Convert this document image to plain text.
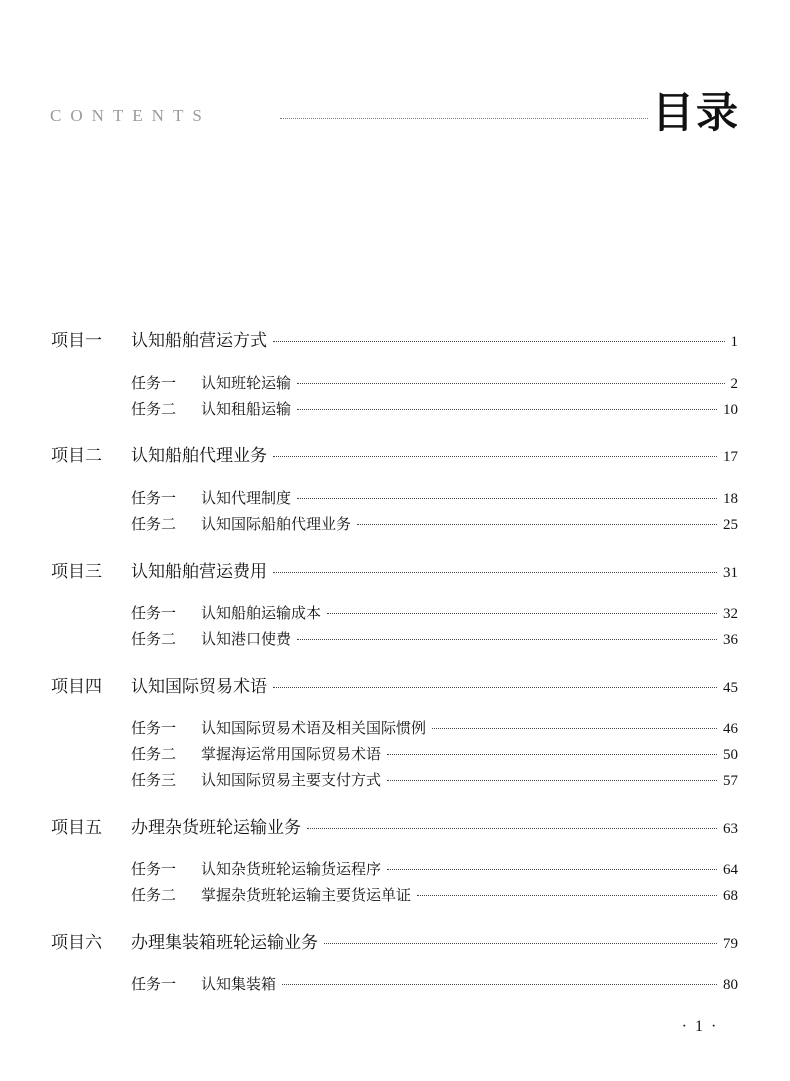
CONTENTS	目录
项目一	认知船舶营运方式	1
任务一	认知班轮运输	2
任务二	认知租船运输	10
项目二	认知船舶代理业务	17
任务一	认知代理制度	18
任务二	认知国际船舶代理业务	25
项目三	认知船舶营运费用	31
任务一	认知船舶运输成本	32
任务二	认知港口使费	36
项目四	认知国际贸易术语	45
任务一	认知国际贸易术语及相关国际惯例	46
任务二	掌握海运常用国际贸易术语	50
任务三	认知国际贸易主要支付方式	57
项目五	办理杂货班轮运输业务	63
任务一	认知杂货班轮运输货运程序	64
任务二	掌握杂货班轮运输主要货运单证	68
项目六	办理集装箱班轮运输业务	79
任务一	认知集装箱	80
· 1 ·
